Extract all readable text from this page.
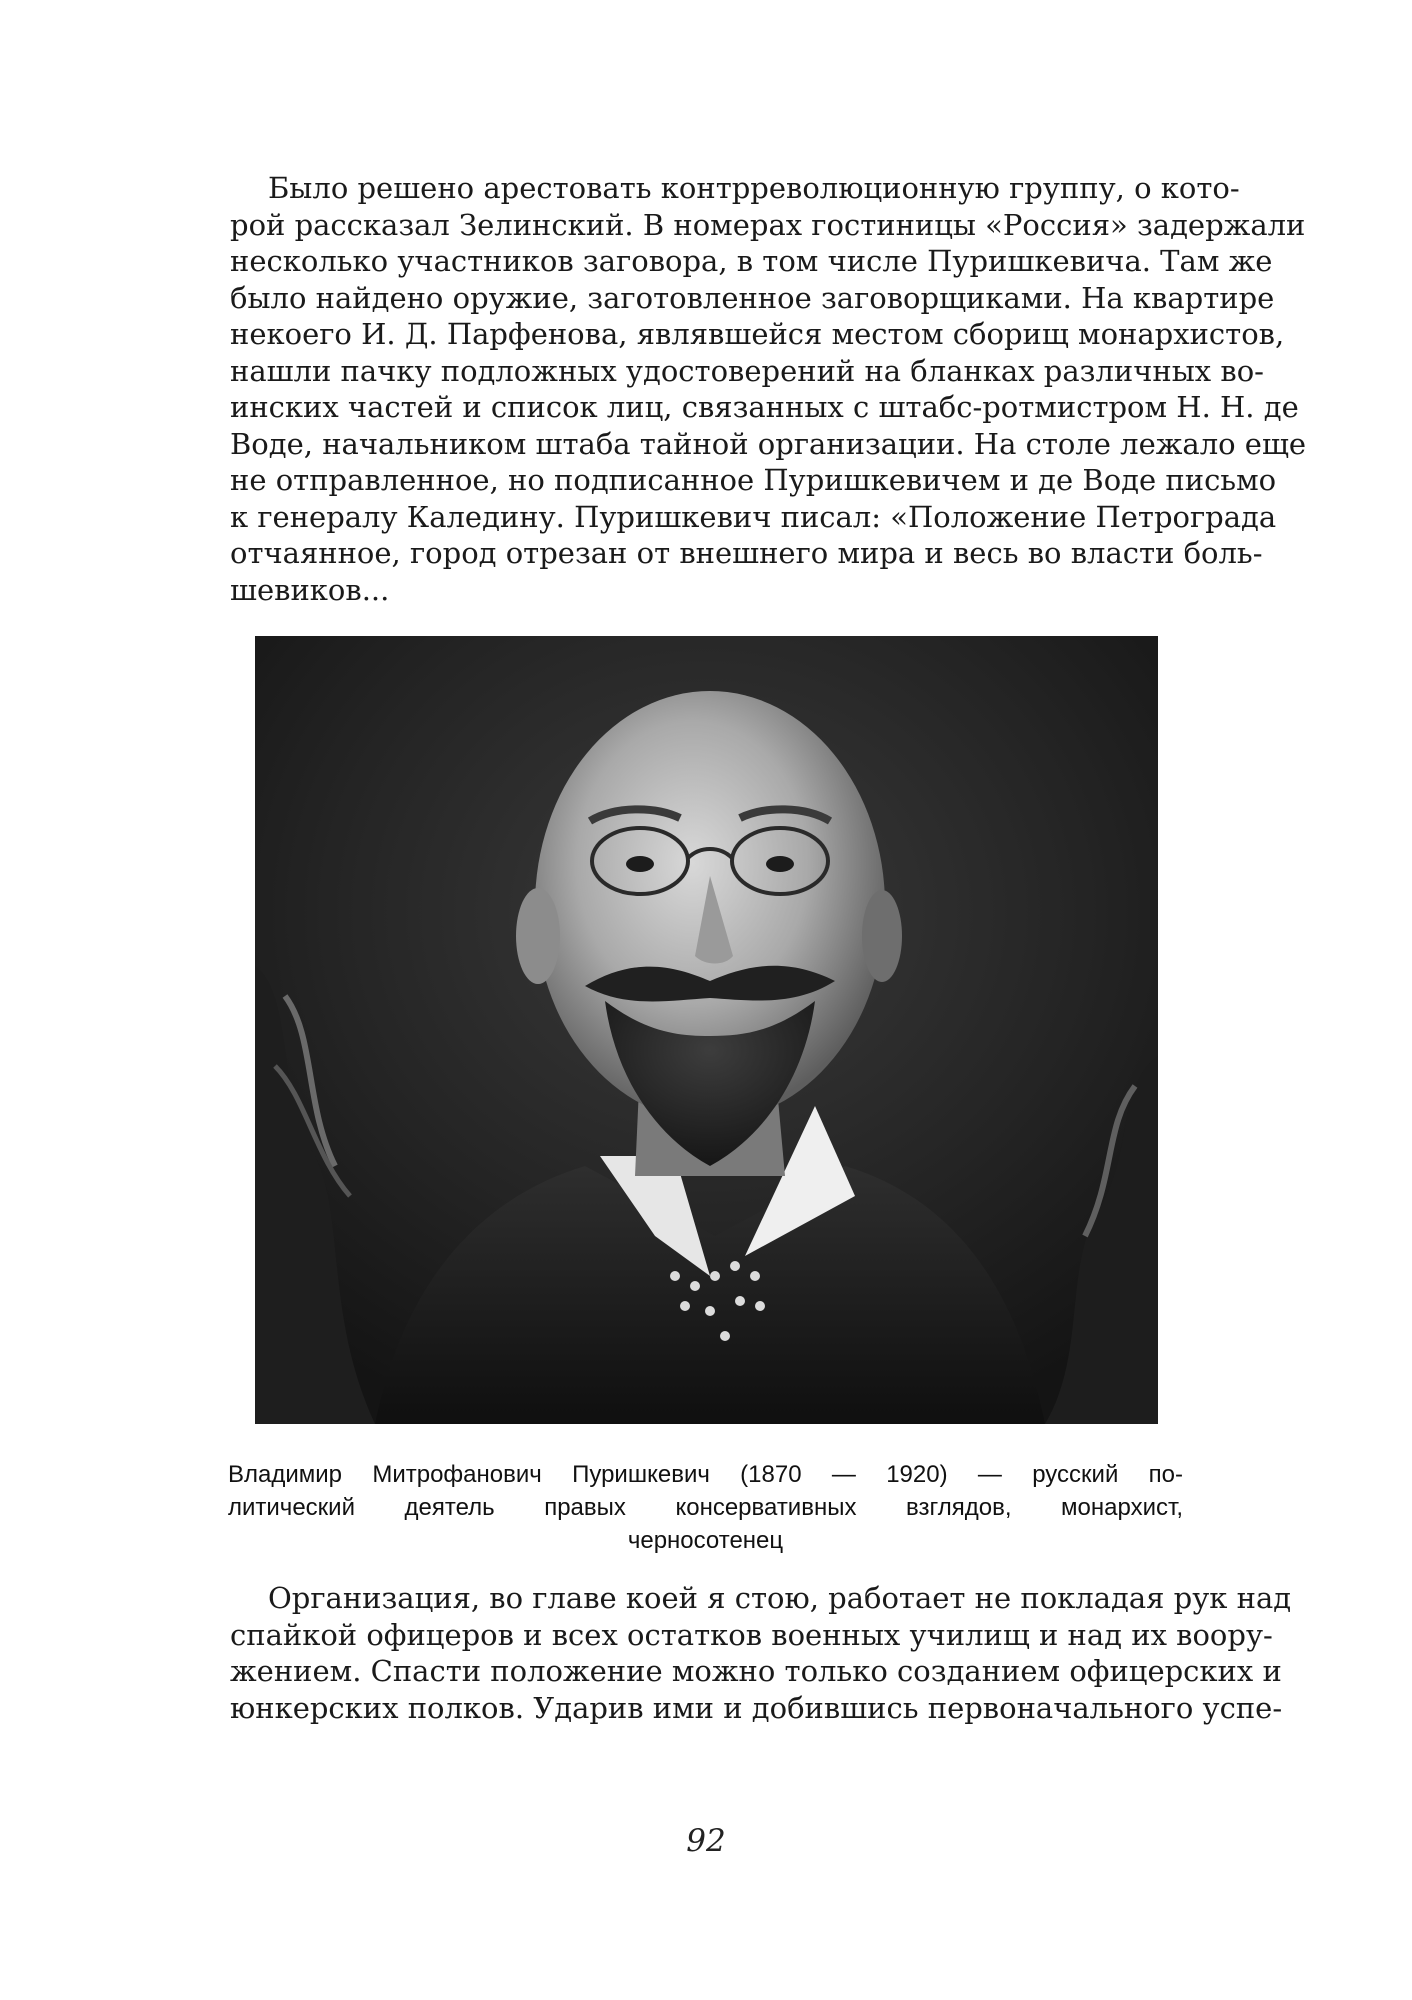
Было решено арестовать контрреволюционную группу, о кото-
рой рассказал Зелинский. В номерах гостиницы «Россия» задержали
несколько участников заговора, в том числе Пуришкевича. Там же
было найдено оружие, заготовленное заговорщиками. На квартире
некоего И. Д. Парфенова, являвшейся местом сборищ монархистов,
нашли пачку подложных удостоверений на бланках различных во-
инских частей и список лиц, связанных с штабс-ротмистром Н. Н. де
Воде, начальником штаба тайной организации. На столе лежало еще
не отправленное, но подписанное Пуришкевичем и де Воде письмо
к генералу Каледину. Пуришкевич писал: «Положение Петрограда
отчаянное, город отрезан от внешнего мира и весь во власти боль-
шевиков...
Владимир Митрофанович Пуришкевич (1870 — 1920) — русский по-
литический деятель правых консервативных взглядов, монархист,
черносотенец
Организация, во главе коей я стою, работает не покладая рук над
спайкой офицеров и всех остатков военных училищ и над их воору-
жением. Спасти положение можно только созданием офицерских и
юнкерских полков. Ударив ими и добившись первоначального успе-
92
